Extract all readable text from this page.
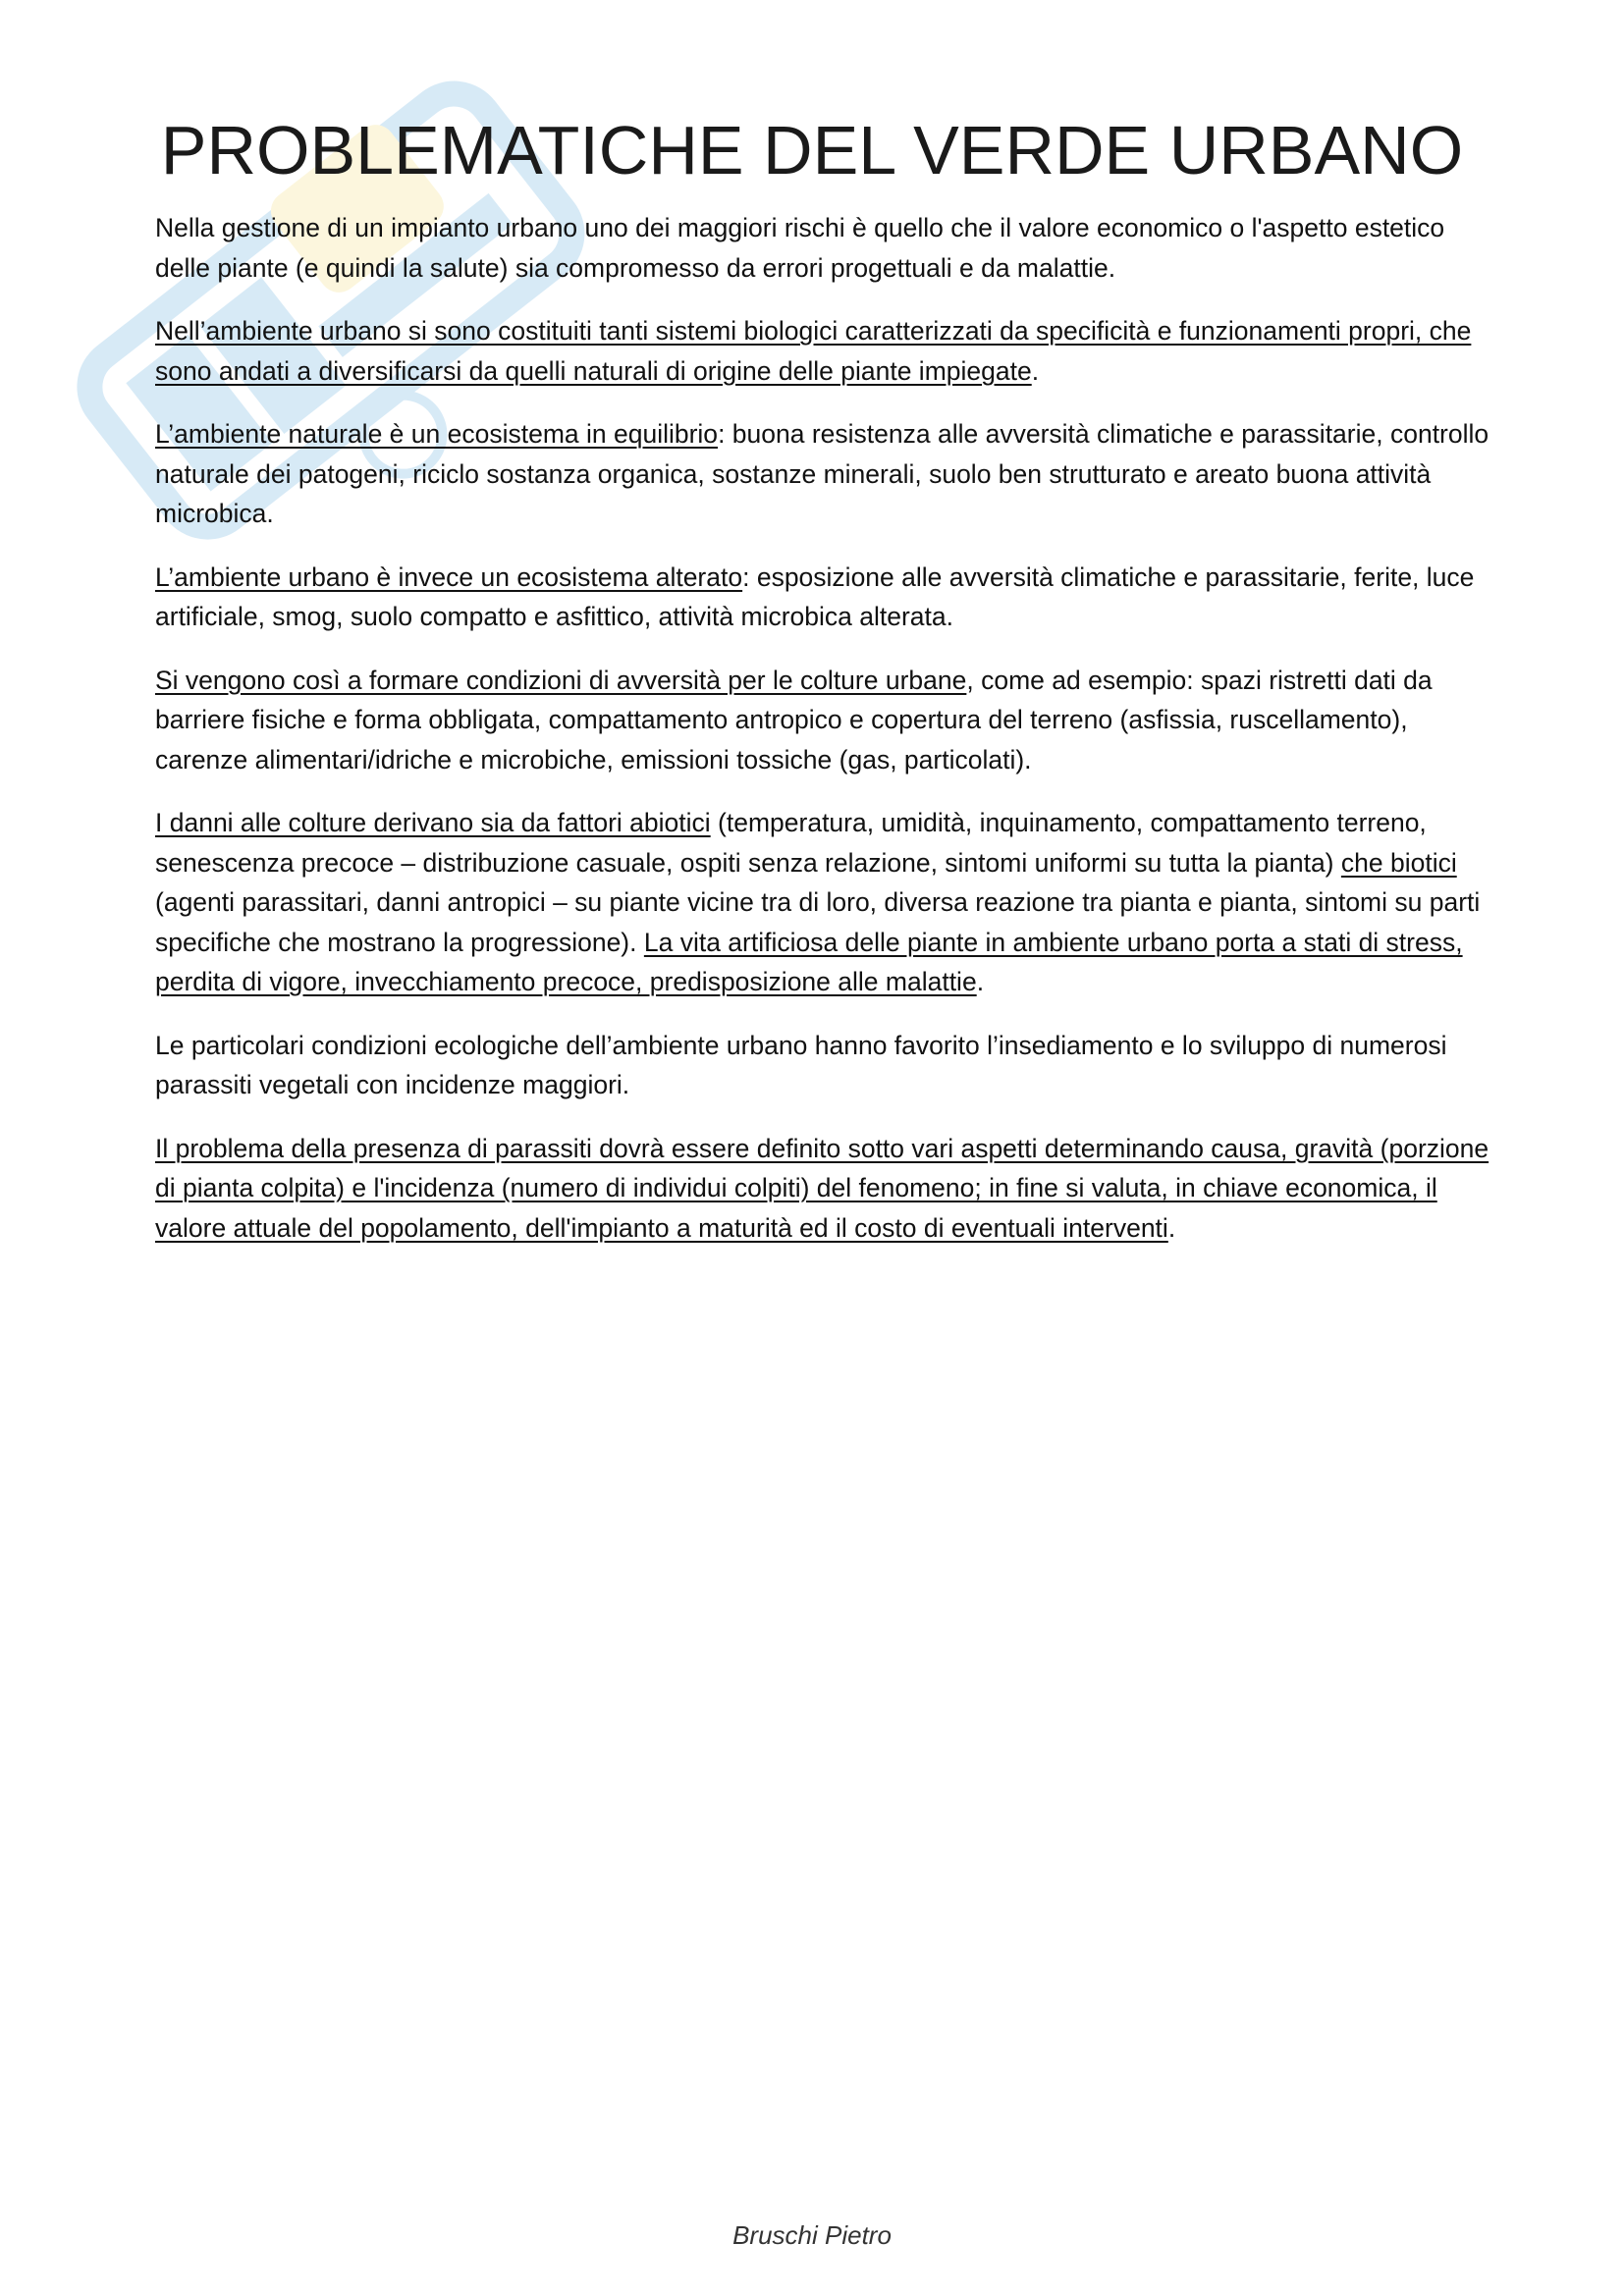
PROBLEMATICHE DEL VERDE URBANO

Nella gestione di un impianto urbano uno dei maggiori rischi è quello che il valore economico o l'aspetto estetico delle piante (e quindi la salute) sia compromesso da errori progettuali e da malattie.

Nell’ambiente urbano si sono costituiti tanti sistemi biologici caratterizzati da specificità e funzionamenti propri, che sono andati a diversificarsi da quelli naturali di origine delle piante impiegate.

L’ambiente naturale è un ecosistema in equilibrio: buona resistenza alle avversità climatiche e parassitarie, controllo naturale dei patogeni, riciclo sostanza organica, sostanze minerali, suolo ben strutturato e areato buona attività microbica.

L’ambiente urbano è invece un ecosistema alterato: esposizione alle avversità climatiche e parassitarie, ferite, luce artificiale, smog, suolo compatto e asfittico, attività microbica alterata.

Si vengono così a formare condizioni di avversità per le colture urbane, come ad esempio: spazi ristretti dati da barriere fisiche e forma obbligata, compattamento antropico e copertura del terreno (asfissia, ruscellamento), carenze alimentari/idriche e microbiche, emissioni tossiche (gas, particolati).

I danni alle colture derivano sia da fattori abiotici (temperatura, umidità, inquinamento, compattamento terreno, senescenza precoce – distribuzione casuale, ospiti senza relazione, sintomi uniformi su tutta la pianta) che biotici (agenti parassitari, danni antropici – su piante vicine tra di loro, diversa reazione tra pianta e pianta, sintomi su parti specifiche che mostrano la progressione). La vita artificiosa delle piante in ambiente urbano porta a stati di stress, perdita di vigore, invecchiamento precoce, predisposizione alle malattie.

Le particolari condizioni ecologiche dell’ambiente urbano hanno favorito l’insediamento e lo sviluppo di numerosi parassiti vegetali con incidenze maggiori.

Il problema della presenza di parassiti dovrà essere definito sotto vari aspetti determinando causa, gravità (porzione di pianta colpita) e l'incidenza (numero di individui colpiti) del fenomeno; in fine si valuta, in chiave economica, il valore attuale del popolamento, dell'impianto a maturità ed il costo di eventuali interventi.

Bruschi Pietro
